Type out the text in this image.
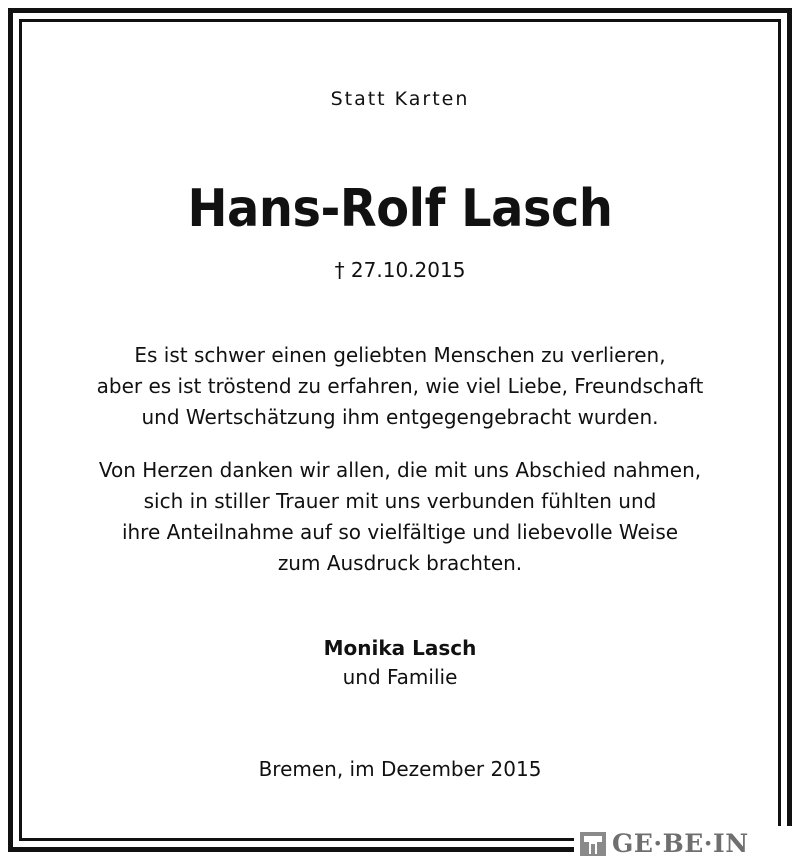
Statt Karten
Hans-Rolf Lasch
† 27.10.2015
Es ist schwer einen geliebten Menschen zu verlieren,
aber es ist tröstend zu erfahren, wie viel Liebe, Freundschaft
und Wertschätzung ihm entgegengebracht wurden.
Von Herzen danken wir allen, die mit uns Abschied nahmen,
sich in stiller Trauer mit uns verbunden fühlten und
ihre Anteilnahme auf so vielfältige und liebevolle Weise
zum Ausdruck brachten.
Monika Lasch
und Familie
Bremen, im Dezember 2015
GE·BE·IN
